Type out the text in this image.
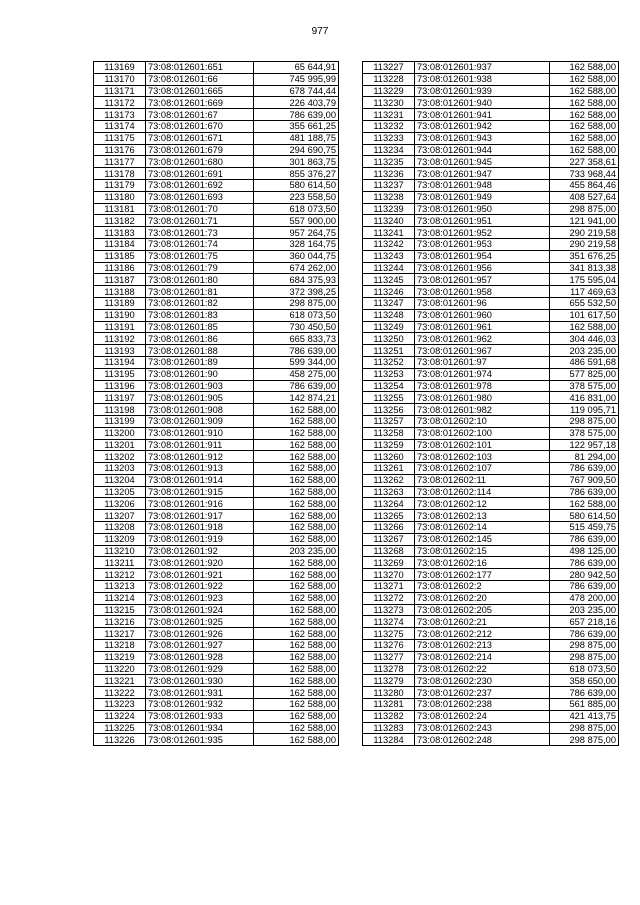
977
113169	73:08:012601:651	65 644,91
113170	73:08:012601:66	745 995,99
113171	73:08:012601:665	678 744,44
113172	73:08:012601:669	226 403,79
113173	73:08:012601:67	786 639,00
113174	73:08:012601:670	355 661,25
113175	73:08:012601:671	481 188,75
113176	73:08:012601:679	294 690,75
113177	73:08:012601:680	301 863,75
113178	73:08:012601:691	855 376,27
113179	73:08:012601:692	580 614,50
113180	73:08:012601:693	223 558,50
113181	73:08:012601:70	618 073,50
113182	73:08:012601:71	557 900,00
113183	73:08:012601:73	957 264,75
113184	73:08:012601:74	328 164,75
113185	73:08:012601:75	360 044,75
113186	73:08:012601:79	674 262,00
113187	73:08:012601:80	684 375,93
113188	73:08:012601:81	372 398,25
113189	73:08:012601:82	298 875,00
113190	73:08:012601:83	618 073,50
113191	73:08:012601:85	730 450,50
113192	73:08:012601:86	665 833,73
113193	73:08:012601:88	786 639,00
113194	73:08:012601:89	599 344,00
113195	73:08:012601:90	458 275,00
113196	73:08:012601:903	786 639,00
113197	73:08:012601:905	142 874,21
113198	73:08:012601:908	162 588,00
113199	73:08:012601:909	162 588,00
113200	73:08:012601:910	162 588,00
113201	73:08:012601:911	162 588,00
113202	73:08:012601:912	162 588,00
113203	73:08:012601:913	162 588,00
113204	73:08:012601:914	162 588,00
113205	73:08:012601:915	162 588,00
113206	73:08:012601:916	162 588,00
113207	73:08:012601:917	162 588,00
113208	73:08:012601:918	162 588,00
113209	73:08:012601:919	162 588,00
113210	73:08:012601:92	203 235,00
113211	73:08:012601:920	162 588,00
113212	73:08:012601:921	162 588,00
113213	73:08:012601:922	162 588,00
113214	73:08:012601:923	162 588,00
113215	73:08:012601:924	162 588,00
113216	73:08:012601:925	162 588,00
113217	73:08:012601:926	162 588,00
113218	73:08:012601:927	162 588,00
113219	73:08:012601:928	162 588,00
113220	73:08:012601:929	162 588,00
113221	73:08:012601:930	162 588,00
113222	73:08:012601:931	162 588,00
113223	73:08:012601:932	162 588,00
113224	73:08:012601:933	162 588,00
113225	73:08:012601:934	162 588,00
113226	73:08:012601:935	162 588,00
113227	73:08:012601:937	162 588,00
113228	73:08:012601:938	162 588,00
113229	73:08:012601:939	162 588,00
113230	73:08:012601:940	162 588,00
113231	73:08:012601:941	162 588,00
113232	73:08:012601:942	162 588,00
113233	73:08:012601:943	162 588,00
113234	73:08:012601:944	162 588,00
113235	73:08:012601:945	227 358,61
113236	73:08:012601:947	733 968,44
113237	73:08:012601:948	455 864,46
113238	73:08:012601:949	408 527,64
113239	73:08:012601:950	298 875,00
113240	73:08:012601:951	121 941,00
113241	73:08:012601:952	290 219,58
113242	73:08:012601:953	290 219,58
113243	73:08:012601:954	351 676,25
113244	73:08:012601:956	341 813,38
113245	73:08:012601:957	175 595,04
113246	73:08:012601:958	117 469,63
113247	73:08:012601:96	655 532,50
113248	73:08:012601:960	101 617,50
113249	73:08:012601:961	162 588,00
113250	73:08:012601:962	304 446,03
113251	73:08:012601:967	203 235,00
113252	73:08:012601:97	486 591,68
113253	73:08:012601:974	577 825,00
113254	73:08:012601:978	378 575,00
113255	73:08:012601:980	416 831,00
113256	73:08:012601:982	119 095,71
113257	73:08:012602:10	298 875,00
113258	73:08:012602:100	378 575,00
113259	73:08:012602:101	122 957,18
113260	73:08:012602:103	81 294,00
113261	73:08:012602:107	786 639,00
113262	73:08:012602:11	767 909,50
113263	73:08:012602:114	786 639,00
113264	73:08:012602:12	162 588,00
113265	73:08:012602:13	580 614,50
113266	73:08:012602:14	515 459,75
113267	73:08:012602:145	786 639,00
113268	73:08:012602:15	498 125,00
113269	73:08:012602:16	786 639,00
113270	73:08:012602:177	280 942,50
113271	73:08:012602:2	786 639,00
113272	73:08:012602:20	478 200,00
113273	73:08:012602:205	203 235,00
113274	73:08:012602:21	657 218,16
113275	73:08:012602:212	786 639,00
113276	73:08:012602:213	298 875,00
113277	73:08:012602:214	298 875,00
113278	73:08:012602:22	618 073,50
113279	73:08:012602:230	358 650,00
113280	73:08:012602:237	786 639,00
113281	73:08:012602:238	561 885,00
113282	73:08:012602:24	421 413,75
113283	73:08:012602:243	298 875,00
113284	73:08:012602:248	298 875,00
